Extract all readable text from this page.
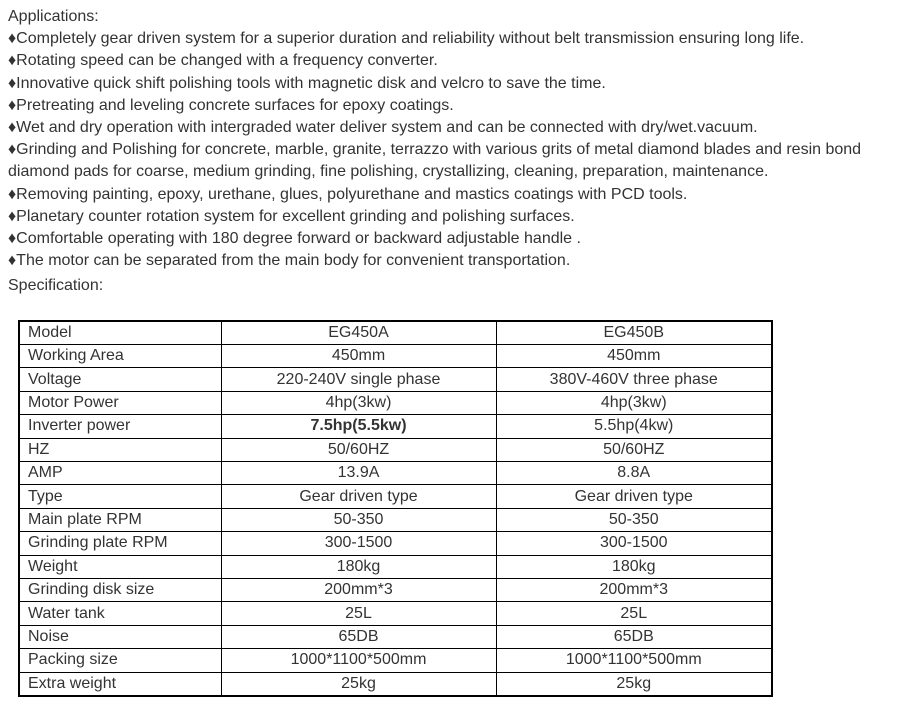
Applications:
♦Completely gear driven system for a superior duration and reliability without belt transmission ensuring long life.
♦Rotating speed can be changed with a frequency converter.
♦Innovative quick shift polishing tools with magnetic disk and velcro to save the time.
♦Pretreating and leveling concrete surfaces for epoxy coatings.
♦Wet and dry operation with intergraded water deliver system and can be connected with dry/wet.vacuum.
♦Grinding and Polishing for concrete, marble, granite, terrazzo with various grits of metal diamond blades and resin bond diamond pads for coarse, medium grinding, fine polishing, crystallizing, cleaning, preparation, maintenance.
♦Removing painting, epoxy, urethane, glues, polyurethane and mastics coatings with PCD tools.
♦Planetary counter rotation system for excellent grinding and polishing surfaces.
♦Comfortable operating with 180 degree forward or backward adjustable handle .
♦The motor can be separated from the main body for convenient transportation.
Specification:
Model	EG450A	EG450B
Working Area	450mm	450mm
Voltage	220-240V single phase	380V-460V three phase
Motor Power	4hp(3kw)	4hp(3kw)
Inverter power	7.5hp(5.5kw)	5.5hp(4kw)
HZ	50/60HZ	50/60HZ
AMP	13.9A	8.8A
Type	Gear driven type	Gear driven type
Main plate RPM	50-350	50-350
Grinding plate RPM	300-1500	300-1500
Weight	180kg	180kg
Grinding disk size	200mm*3	200mm*3
Water tank	25L	25L
Noise	65DB	65DB
Packing size	1000*1100*500mm	1000*1100*500mm
Extra weight	25kg	25kg
